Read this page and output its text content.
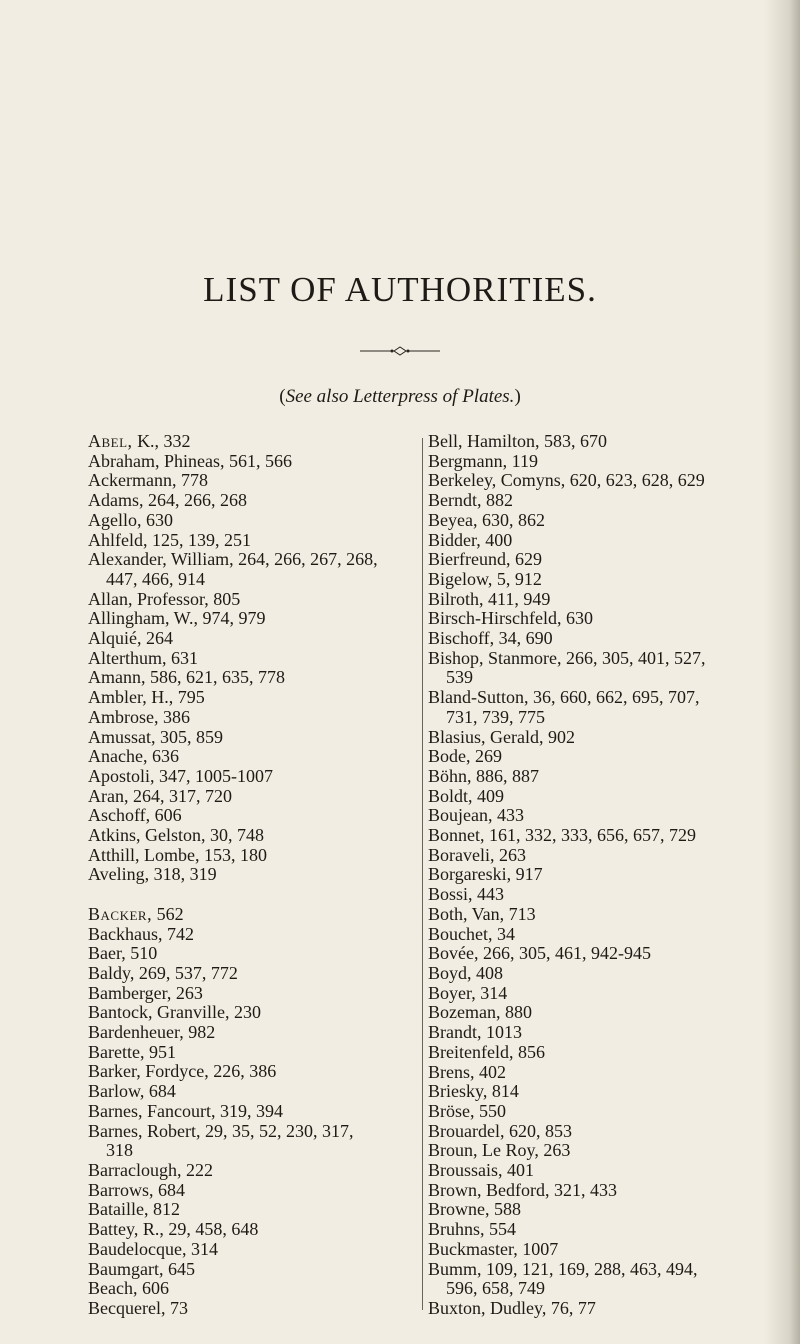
LIST OF AUTHORITIES.
(See also Letterpress of Plates.)
Abel, K., 332
Abraham, Phineas, 561, 566
Ackermann, 778
Adams, 264, 266, 268
Agello, 630
Ahlfeld, 125, 139, 251
Alexander, William, 264, 266, 267, 268,
447, 466, 914
Allan, Professor, 805
Allingham, W., 974, 979
Alquié, 264
Alterthum, 631
Amann, 586, 621, 635, 778
Ambler, H., 795
Ambrose, 386
Amussat, 305, 859
Anache, 636
Apostoli, 347, 1005-1007
Aran, 264, 317, 720
Aschoff, 606
Atkins, Gelston, 30, 748
Atthill, Lombe, 153, 180
Aveling, 318, 319
Backer, 562
Backhaus, 742
Baer, 510
Baldy, 269, 537, 772
Bamberger, 263
Bantock, Granville, 230
Bardenheuer, 982
Barette, 951
Barker, Fordyce, 226, 386
Barlow, 684
Barnes, Fancourt, 319, 394
Barnes, Robert, 29, 35, 52, 230, 317,
318
Barraclough, 222
Barrows, 684
Bataille, 812
Battey, R., 29, 458, 648
Baudelocque, 314
Baumgart, 645
Beach, 606
Becquerel, 73
Bell, Hamilton, 583, 670
Bergmann, 119
Berkeley, Comyns, 620, 623, 628, 629
Berndt, 882
Beyea, 630, 862
Bidder, 400
Bierfreund, 629
Bigelow, 5, 912
Bilroth, 411, 949
Birsch-Hirschfeld, 630
Bischoff, 34, 690
Bishop, Stanmore, 266, 305, 401, 527,
539
Bland-Sutton, 36, 660, 662, 695, 707,
731, 739, 775
Blasius, Gerald, 902
Bode, 269
Böhn, 886, 887
Boldt, 409
Boujean, 433
Bonnet, 161, 332, 333, 656, 657, 729
Boraveli, 263
Borgareski, 917
Bossi, 443
Both, Van, 713
Bouchet, 34
Bovée, 266, 305, 461, 942-945
Boyd, 408
Boyer, 314
Bozeman, 880
Brandt, 1013
Breitenfeld, 856
Brens, 402
Briesky, 814
Bröse, 550
Brouardel, 620, 853
Broun, Le Roy, 263
Broussais, 401
Brown, Bedford, 321, 433
Browne, 588
Bruhns, 554
Buckmaster, 1007
Bumm, 109, 121, 169, 288, 463, 494,
596, 658, 749
Buxton, Dudley, 76, 77
